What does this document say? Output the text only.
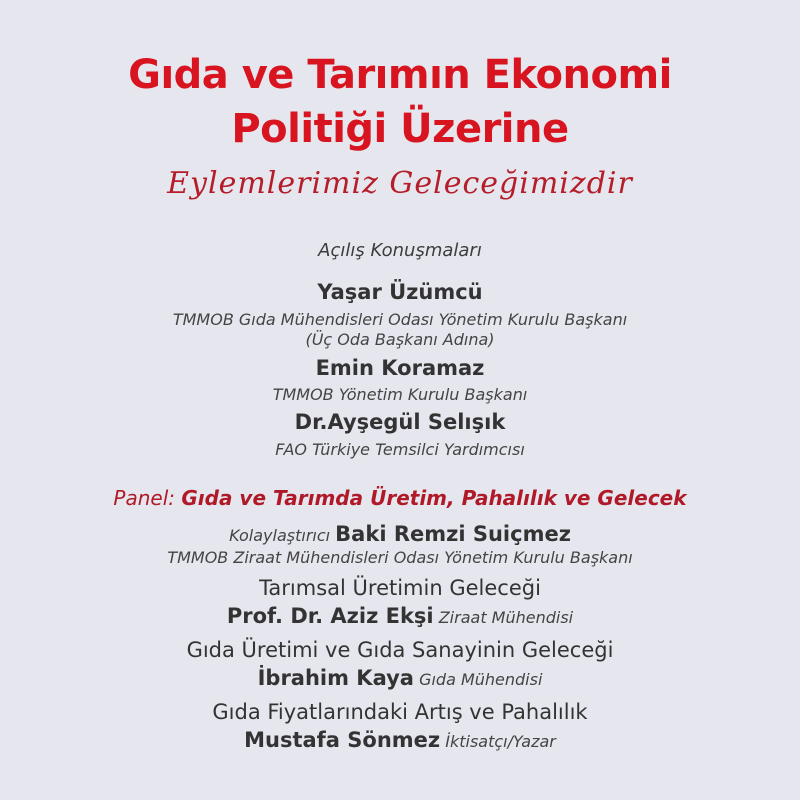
Gıda ve Tarımın Ekonomi
Politiği Üzerine
Eylemlerimiz Geleceğimizdir
Açılış Konuşmaları
Yaşar Üzümcü
TMMOB Gıda Mühendisleri Odası Yönetim Kurulu Başkanı
(Üç Oda Başkanı Adına)
Emin Koramaz
TMMOB Yönetim Kurulu Başkanı
Dr.Ayşegül Selışık
FAO Türkiye Temsilci Yardımcısı
Panel: Gıda ve Tarımda Üretim, Pahalılık ve Gelecek
Kolaylaştırıcı Baki Remzi Suiçmez
TMMOB Ziraat Mühendisleri Odası Yönetim Kurulu Başkanı
Tarımsal Üretimin Geleceği
Prof. Dr. Aziz Ekşi Ziraat Mühendisi
Gıda Üretimi ve Gıda Sanayinin Geleceği
İbrahim Kaya Gıda Mühendisi
Gıda Fiyatlarındaki Artış ve Pahalılık
Mustafa Sönmez İktisatçı/Yazar
